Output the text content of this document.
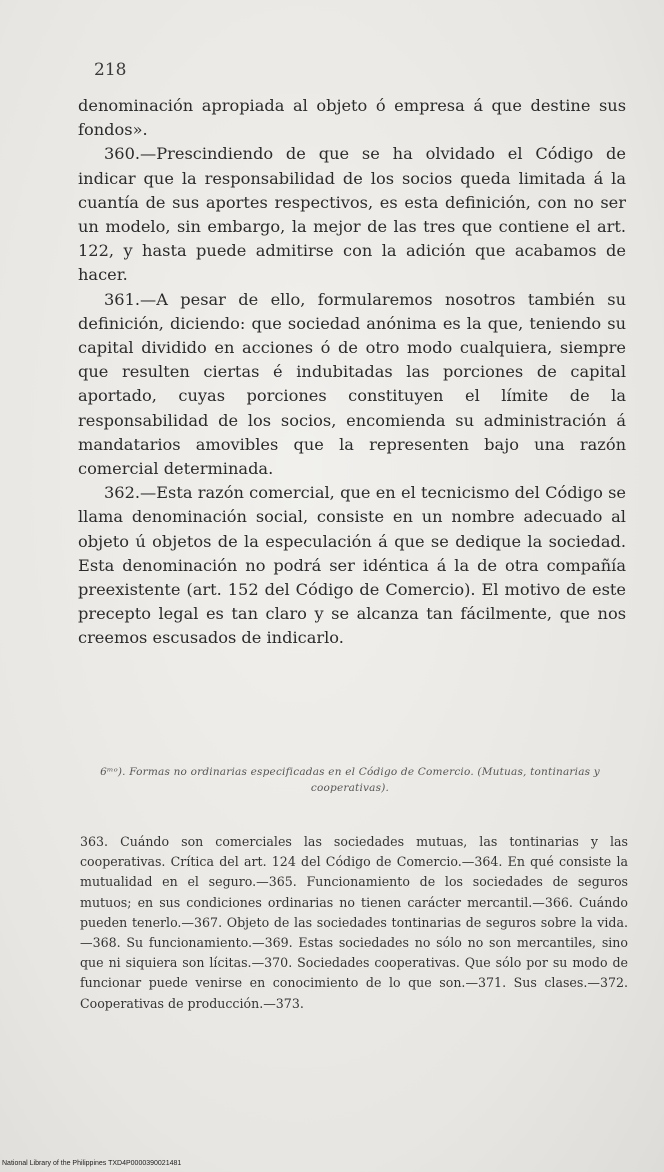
218

denominación apropiada al objeto ó empresa á que destine sus fondos».

360.—Prescindiendo de que se ha olvidado el Código de indicar que la responsabilidad de los socios queda limitada á la cuantía de sus aportes respectivos, es esta definición, con no ser un modelo, sin embargo, la mejor de las tres que contiene el art. 122, y hasta puede admitirse con la adición que acabamos de hacer.

361.—A pesar de ello, formularemos nosotros también su definición, diciendo: que sociedad anónima es la que, teniendo su capital dividido en acciones ó de otro modo cualquiera, siempre que resulten ciertas é indubitadas las porciones de capital aportado, cuyas porciones constituyen el límite de la responsabilidad de los socios, encomienda su administración á mandatarios amovibles que la representen bajo una razón comercial determinada.

362.—Esta razón comercial, que en el tecnicismo del Código se llama denominación social, consiste en un nombre adecuado al objeto ú objetos de la especulación á que se dedique la sociedad. Esta denominación no podrá ser idéntica á la de otra compañía preexistente (art. 152 del Código de Comercio). El motivo de este precepto legal es tan claro y se alcanza tan fácilmente, que nos creemos escusados de indicarlo.

6ᵐᵒ). Formas no ordinarias especificadas en el Código de Comercio. (Mutuas, tontinarias y cooperativas).
363. Cuándo son comerciales las sociedades mutuas, las tontinarias y las cooperativas. Crítica del art. 124 del Código de Comercio.—364. En qué consiste la mutualidad en el seguro.—365. Funcionamiento de los sociedades de seguros mutuos; en sus condiciones ordinarias no tienen carácter mercantil.—366. Cuándo pueden tenerlo.—367. Objeto de las sociedades tontinarias de seguros sobre la vida.—368. Su funcionamiento.—369. Estas sociedades no sólo no son mercantiles, sino que ni siquiera son lícitas.—370. Sociedades cooperativas. Que sólo por su modo de funcionar puede venirse en conocimiento de lo que son.—371. Sus clases.—372. Cooperativas de producción.—373.
National Library of the Philippines TXD4P0000390021481
